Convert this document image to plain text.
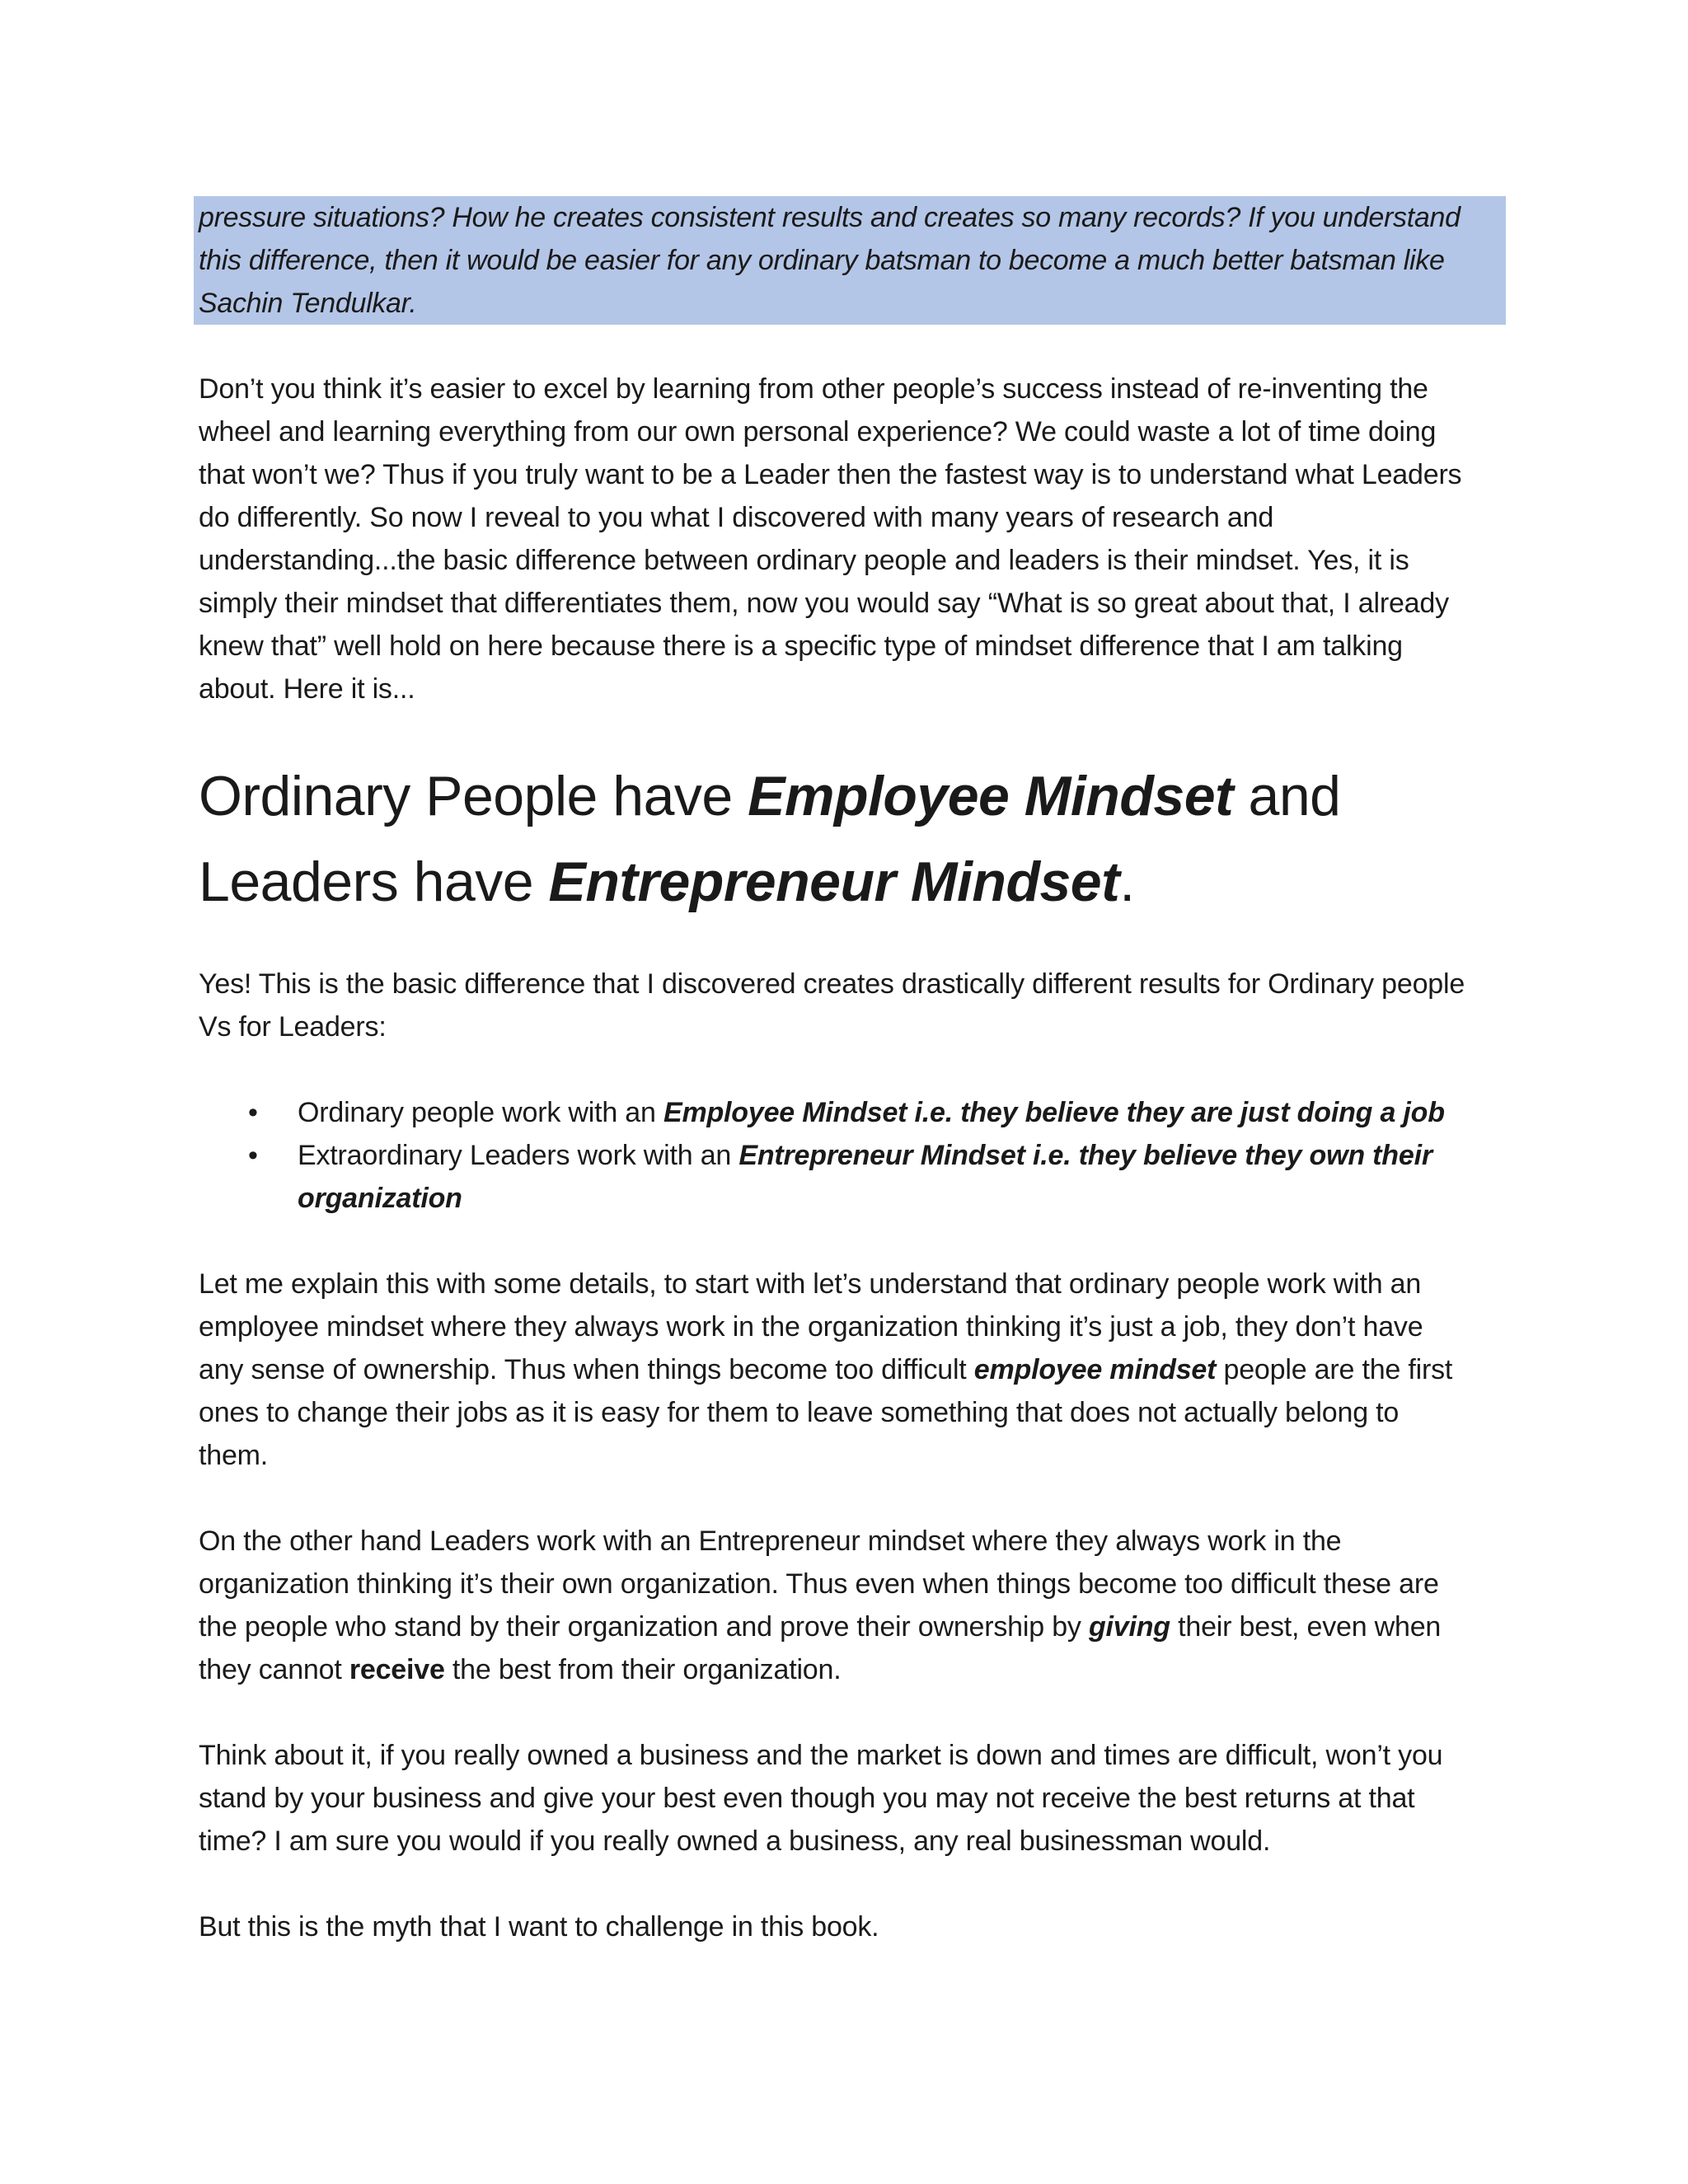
pressure situations? How he creates consistent results and creates so many records? If you understand
this difference, then it would be easier for any ordinary batsman to become a much better batsman like
Sachin Tendulkar.
Don’t you think it’s easier to excel by learning from other people’s success instead of re-inventing the
wheel and learning everything from our own personal experience? We could waste a lot of time doing
that won’t we? Thus if you truly want to be a Leader then the fastest way is to understand what Leaders
do differently. So now I reveal to you what I discovered with many years of research and
understanding...the basic difference between ordinary people and leaders is their mindset. Yes, it is
simply their mindset that differentiates them, now you would say “What is so great about that, I already
knew that” well hold on here because there is a specific type of mindset difference that I am talking
about. Here it is...
Ordinary People have Employee Mindset and
Leaders have Entrepreneur Mindset.
Yes! This is the basic difference that I discovered creates drastically different results for Ordinary people
Vs for Leaders:
• Ordinary people work with an Employee Mindset i.e. they believe they are just doing a job
• Extraordinary Leaders work with an Entrepreneur Mindset i.e. they believe they own their
organization
Let me explain this with some details, to start with let’s understand that ordinary people work with an
employee mindset where they always work in the organization thinking it’s just a job, they don’t have
any sense of ownership. Thus when things become too difficult employee mindset people are the first
ones to change their jobs as it is easy for them to leave something that does not actually belong to
them.
On the other hand Leaders work with an Entrepreneur mindset where they always work in the
organization thinking it’s their own organization. Thus even when things become too difficult these are
the people who stand by their organization and prove their ownership by giving their best, even when
they cannot receive the best from their organization.
Think about it, if you really owned a business and the market is down and times are difficult, won’t you
stand by your business and give your best even though you may not receive the best returns at that
time? I am sure you would if you really owned a business, any real businessman would.
But this is the myth that I want to challenge in this book.
